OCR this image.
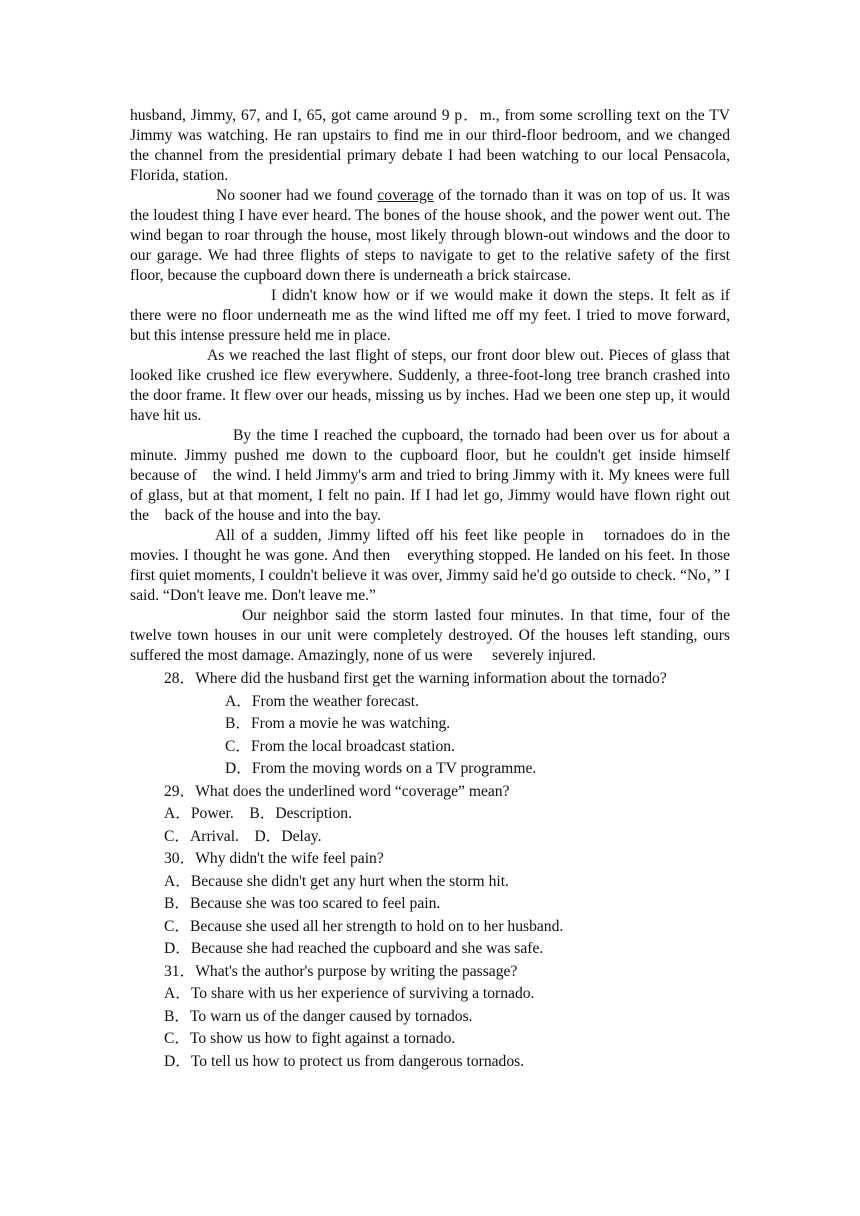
husband, Jimmy, 67, and I, 65, got came around 9 p．m., from some scrolling text on the TV Jimmy was watching. He ran upstairs to find me in our third-floor bedroom, and we changed the channel from the presidential primary debate I had been watching to our local Pensacola, Florida, station.

No sooner had we found coverage of the tornado than it was on top of us. It was the loudest thing I have ever heard. The bones of the house shook, and the power went out. The wind began to roar through the house, most likely through blown-out windows and the door to our garage. We had three flights of steps to navigate to get to the relative safety of the first floor, because the cupboard down there is underneath a brick staircase.

I didn't know how or if we would make it down the steps. It felt as if there were no floor underneath me as the wind lifted me off my feet. I tried to move forward, but this intense pressure held me in place.

As we reached the last flight of steps, our front door blew out. Pieces of glass that looked like crushed ice flew everywhere. Suddenly, a three-foot-long tree branch crashed into the door frame. It flew over our heads, missing us by inches. Had we been one step up, it would have hit us.

By the time I reached the cupboard, the tornado had been over us for about a minute. Jimmy pushed me down to the cupboard floor, but he couldn't get inside himself because of　the wind. I held Jimmy's arm and tried to bring Jimmy with it. My knees were full of glass, but at that moment, I felt no pain. If I had let go, Jimmy would have flown right out the　back of the house and into the bay.

All of a sudden, Jimmy lifted off his feet like people in　tornadoes do in the movies. I thought he was gone. And then　everything stopped. He landed on his feet. In those first quiet moments, I couldn't believe it was over, Jimmy said he'd go outside to check. “No，” I said. “Don't leave me. Don't leave me.”

Our neighbor said the storm lasted four minutes. In that time, four of the twelve town houses in our unit were completely destroyed. Of the houses left standing, ours suffered the most damage. Amazingly, none of us were　 severely injured.

28．Where did the husband first get the warning information about the tornado?

A．From the weather forecast.

B．From a movie he was watching.

C．From the local broadcast station.

D．From the moving words on a TV programme.

29．What does the underlined word “coverage” mean?

A．Power.　B．Description.

C．Arrival.　D．Delay.

30．Why didn't the wife feel pain?

A．Because she didn't get any hurt when the storm hit.

B．Because she was too scared to feel pain.

C．Because she used all her strength to hold on to her husband.

D．Because she had reached the cupboard and she was safe.

31．What's the author's purpose by writing the passage?

A．To share with us her experience of surviving a tornado.

B．To warn us of the danger caused by tornados.

C．To show us how to fight against a tornado.

D．To tell us how to protect us from dangerous tornados.
